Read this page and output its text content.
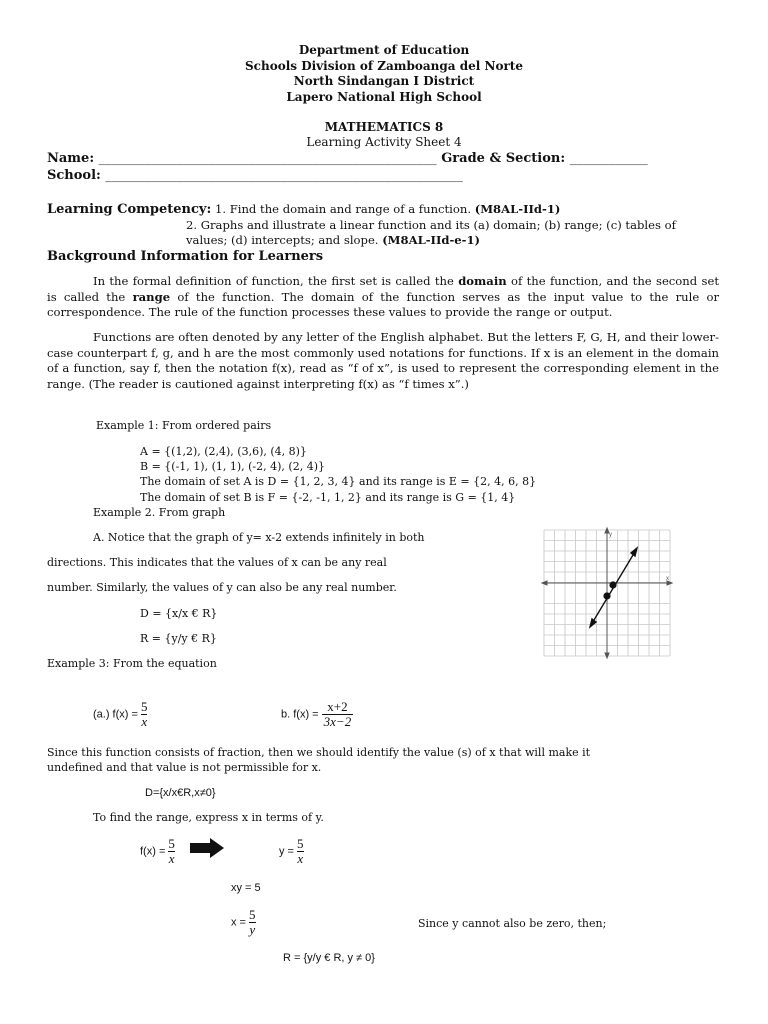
Department of Education
Schools Division of Zamboanga del Norte
North Sindangan I District
Lapero National High School
MATHEMATICS 8
Learning Activity Sheet 4
Name: ____________________________________________________ Grade & Section: ____________
School: _______________________________________________________
Learning Competency: 1. Find the domain and range of a function. (M8AL-IId-1)
2. Graphs and illustrate a linear function and its (a) domain; (b) range; (c) tables of
values; (d) intercepts; and slope. (M8AL-IId-e-1)
Background Information for Learners
In the formal definition of function, the first set is called the domain of the function, and the second set is called the range of the function. The domain of the function serves as the input value to the rule or correspondence. The rule of the function processes these values to provide the range or output.
Functions are often denoted by any letter of the English alphabet. But the letters F, G, H, and their lower-case counterpart f, g, and h are the most commonly used notations for functions. If x is an element in the domain of a function, say f, then the notation f(x), read as “f of x”, is used to represent the corresponding element in the range. (The reader is cautioned against interpreting f(x) as “f times x”.)
Example 1: From ordered pairs
A = {(1,2), (2,4), (3,6), (4, 8)}
B = {(-1, 1), (1, 1), (-2, 4), (2, 4)}
The domain of set A is D = {1, 2, 3, 4} and its range is E = {2, 4, 6, 8}
The domain of set B is F = {-2, -1, 1, 2} and its range is G = {1, 4}
Example 2. From graph
A. Notice that the graph of y= x-2 extends infinitely in both
directions. This indicates that the values of x can be any real
number. Similarly, the values of y can also be any real number.
D = {x/x € R}
R = {y/y € R}
y
x
Example 3: From the equation
(a.) $f(x) = \frac{5}{x}$	b. $f(x) = \frac{x+2}{3x-2}$
Since this function consists of fraction, then we should identify the value (s) of x that will make it
undefined and that value is not permissible for x.
D={x/x€R,x≠0}
To find the range, express x in terms of y.
$f(x) = \frac{5}{x}$	$y = \frac{5}{x}$
xy = 5
$x = \frac{5}{y}$	Since y cannot also be zero, then;
R = {y/y € R, y ≠ 0}
